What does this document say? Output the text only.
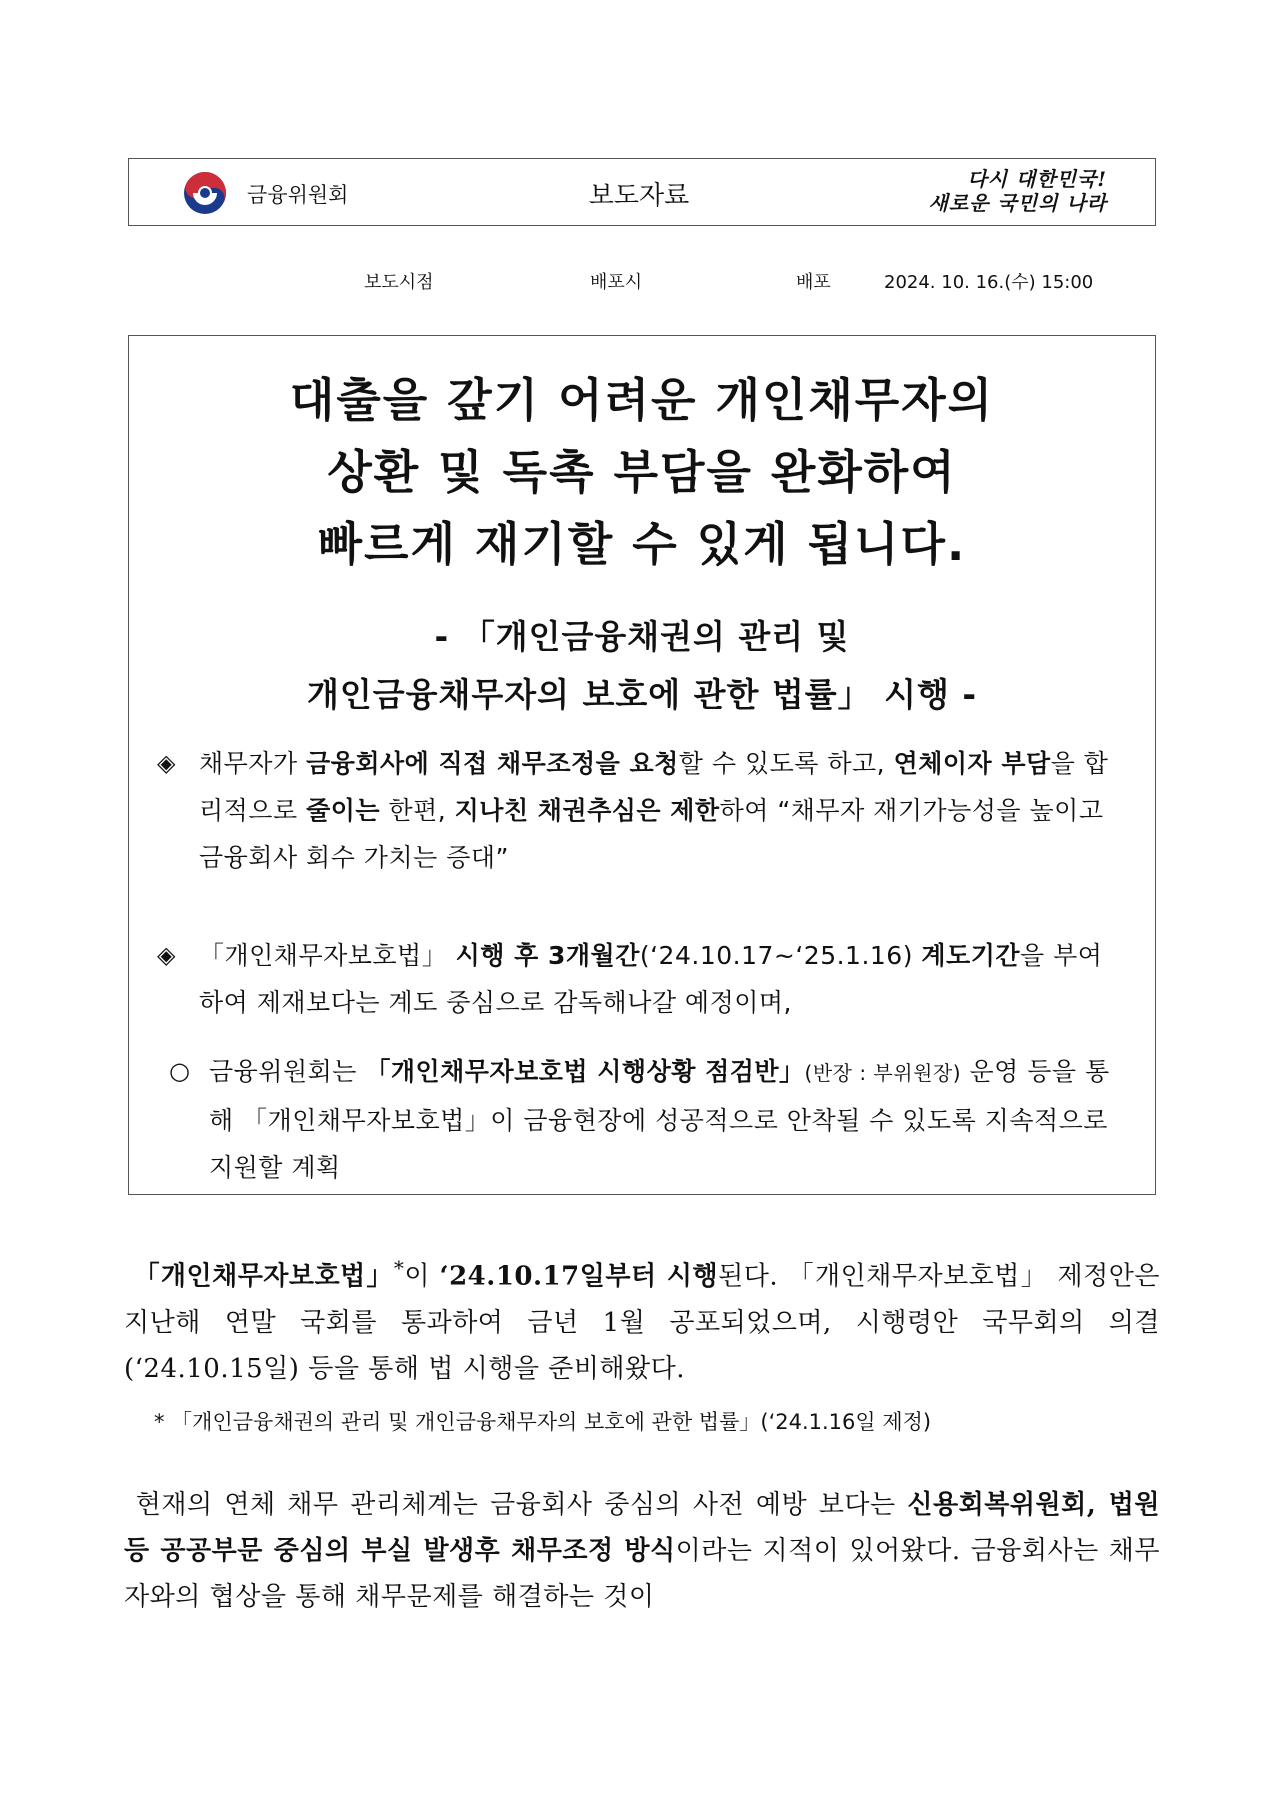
금융위원회	보도자료
다시 대한민국!
새로운 국민의 나라
보도시점	배포시	배포	2024. 10. 16.(수) 15:00
대출을 갚기 어려운 개인채무자의
상환 및 독촉 부담을 완화하여
빠르게 재기할 수 있게 됩니다.
- 「개인금융채권의 관리 및
개인금융채무자의 보호에 관한 법률」 시행 -
◈ 채무자가 금융회사에 직접 채무조정을 요청할 수 있도록 하고, 연체이자 부담을 합리적으로 줄이는 한편, 지나친 채권추심은 제한하여 “채무자 재기가능성을 높이고 금융회사 회수 가치는 증대”
◈ 「개인채무자보호법」 시행 후 3개월간(‘24.10.17~‘25.1.16) 계도기간을 부여하여 제재보다는 계도 중심으로 감독해나갈 예정이며,
○ 금융위원회는 「개인채무자보호법 시행상황 점검반」(반장 : 부위원장) 운영 등을 통해 「개인채무자보호법」이 금융현장에 성공적으로 안착될 수 있도록 지속적으로 지원할 계획
「개인채무자보호법」*이 ‘24.10.17일부터 시행된다. 「개인채무자보호법」 제정안은 지난해 연말 국회를 통과하여 금년 1월 공포되었으며, 시행령안 국무회의 의결(‘24.10.15일) 등을 통해 법 시행을 준비해왔다.
* 「개인금융채권의 관리 및 개인금융채무자의 보호에 관한 법률」(‘24.1.16일 제정)
현재의 연체 채무 관리체계는 금융회사 중심의 사전 예방 보다는 신용회복위원회, 법원 등 공공부문 중심의 부실 발생후 채무조정 방식이라는 지적이 있어왔다. 금융회사는 채무자와의 협상을 통해 채무문제를 해결하는 것이
